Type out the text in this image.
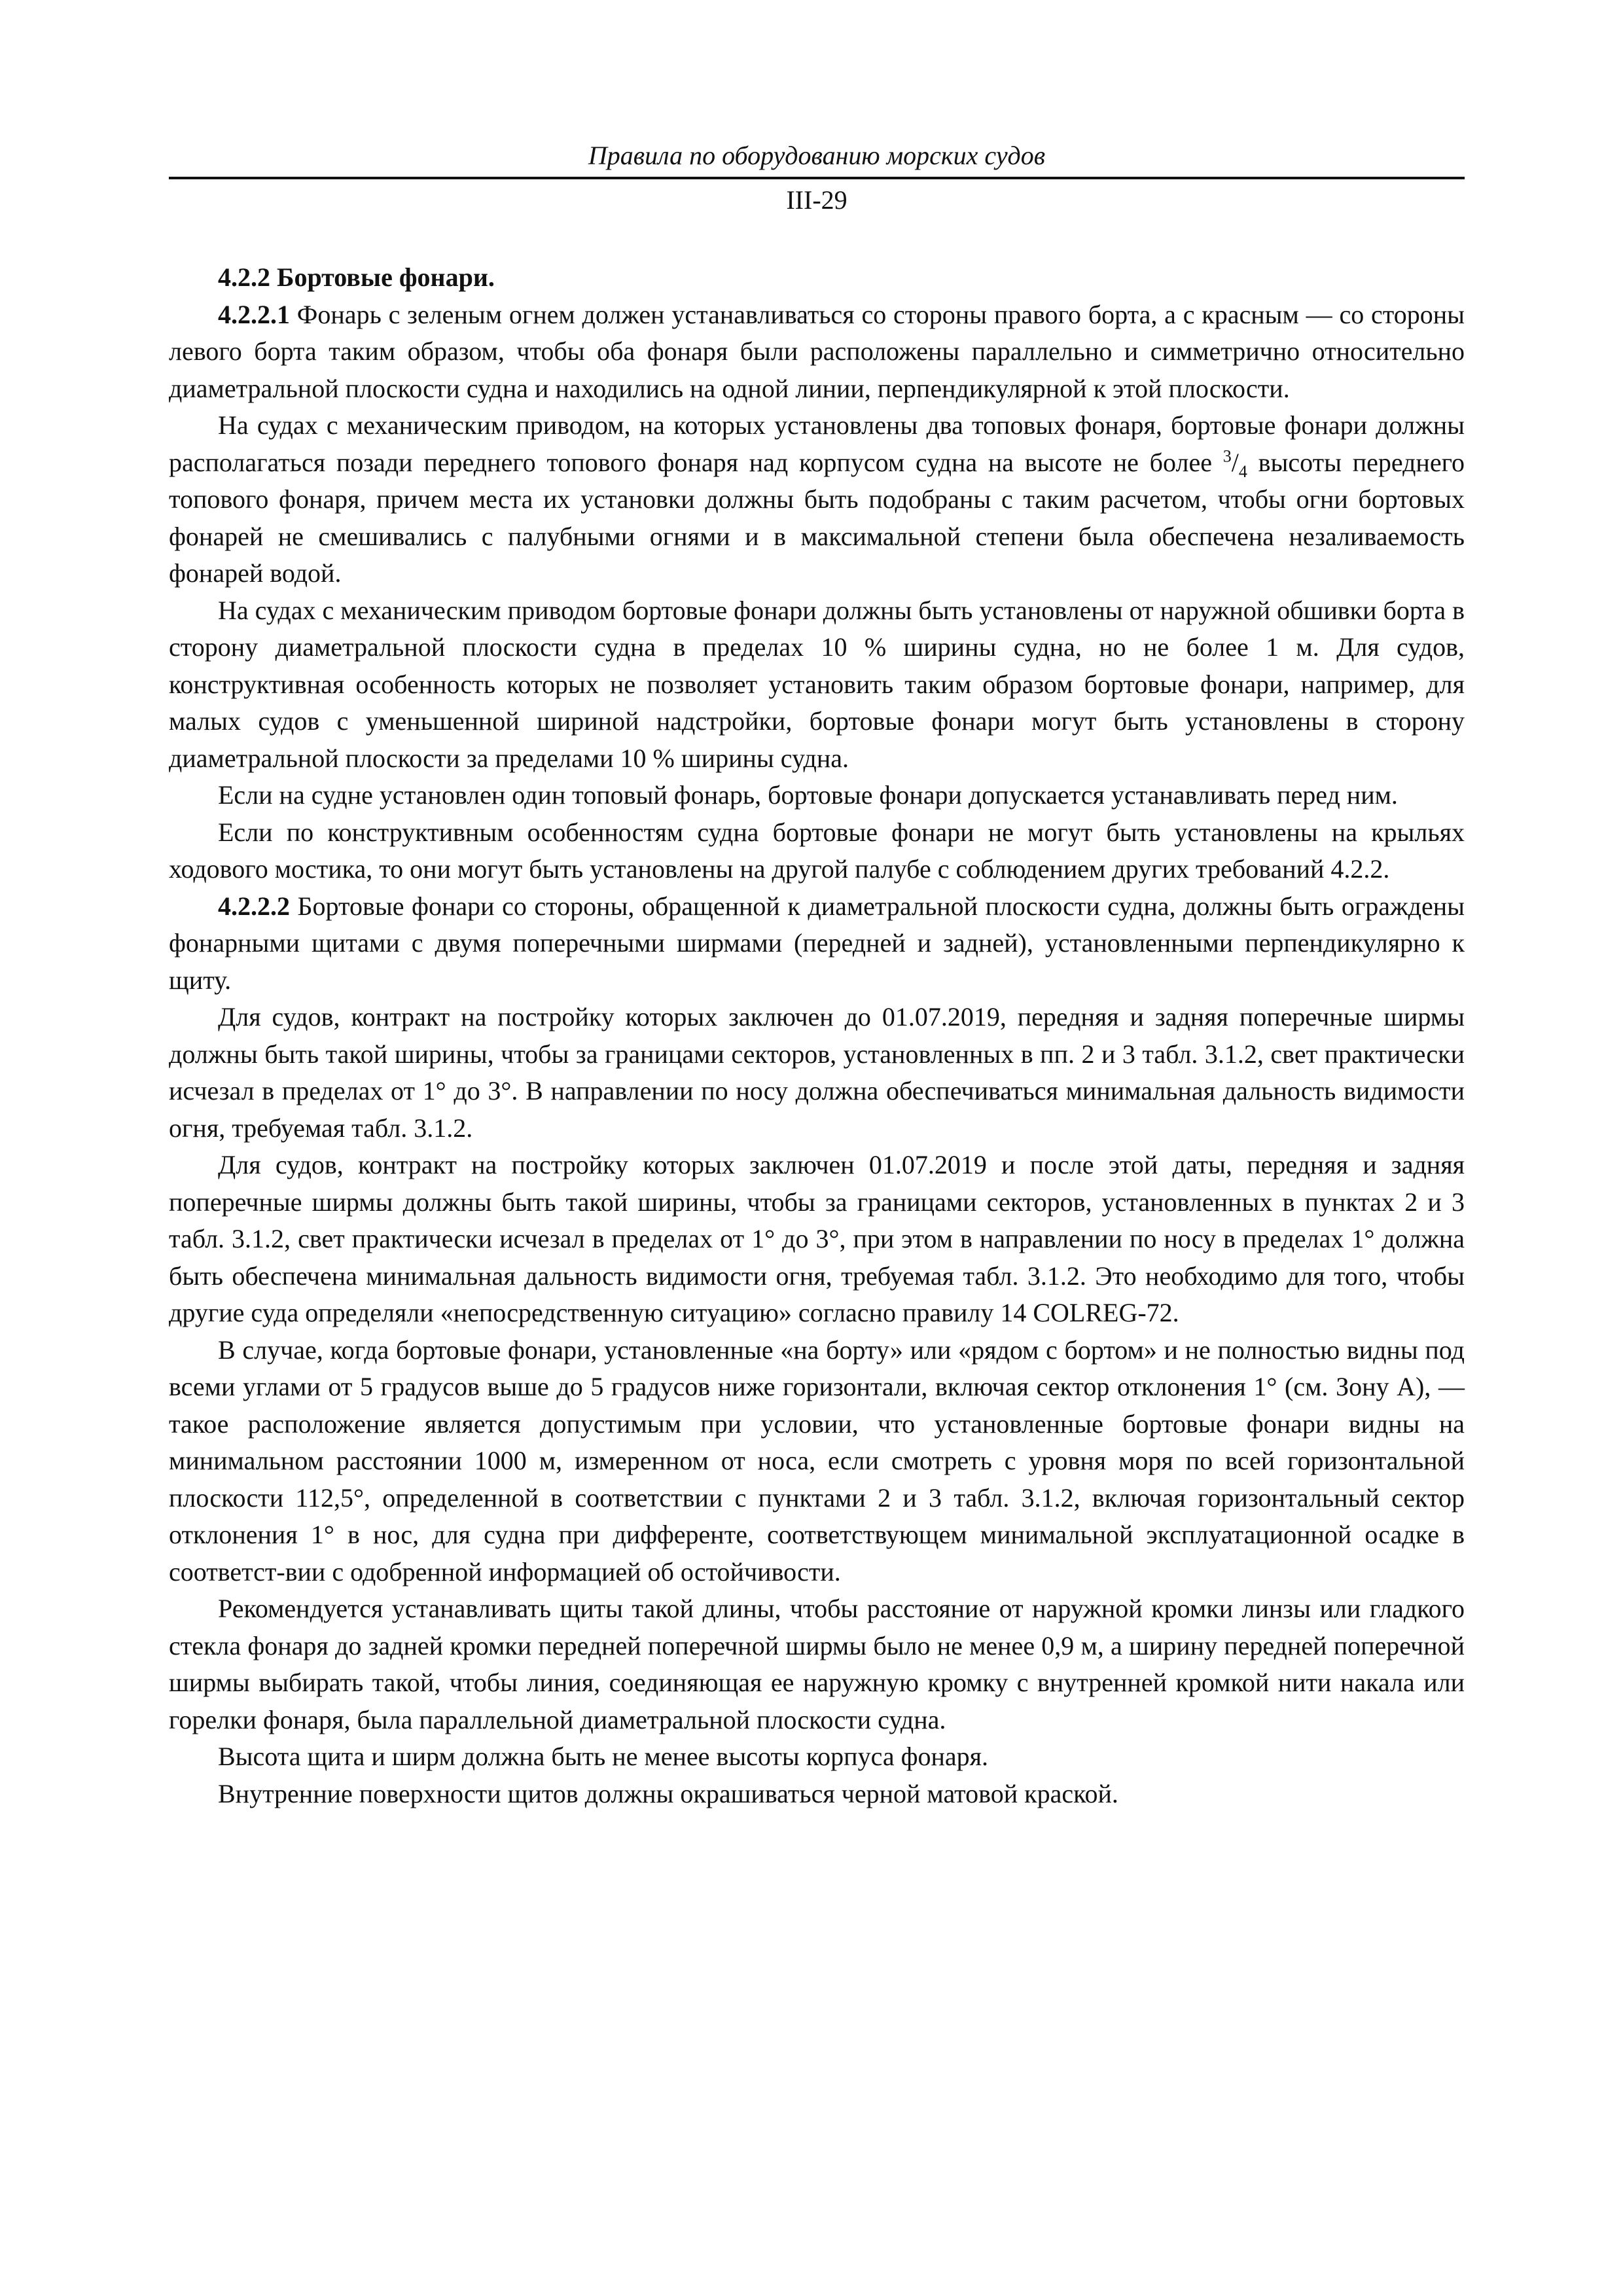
Правила по оборудованию морских судов
III-29
4.2.2 Бортовые фонари.

4.2.2.1 Фонарь с зеленым огнем должен устанавливаться со стороны правого борта, а с красным — со стороны левого борта таким образом, чтобы оба фонаря были расположены параллельно и симметрично относительно диаметральной плоскости судна и находились на одной линии, перпендикулярной к этой плоскости.

На судах с механическим приводом, на которых установлены два топовых фонаря, бортовые фонари должны располагаться позади переднего топового фонаря над корпусом судна на высоте не более $^3/_4$ высоты переднего топового фонаря, причем места их установки должны быть подобраны с таким расчетом, чтобы огни бортовых фонарей не смешивались с палубными огнями и в максимальной степени была обеспечена незаливаемость фонарей водой.

На судах с механическим приводом бортовые фонари должны быть установлены от наружной обшивки борта в сторону диаметральной плоскости судна в пределах 10 % ширины судна, но не более 1 м. Для судов, конструктивная особенность которых не позволяет установить таким образом бортовые фонари, например, для малых судов с уменьшенной шириной надстройки, бортовые фонари могут быть установлены в сторону диаметральной плоскости за пределами 10 % ширины судна.

Если на судне установлен один топовый фонарь, бортовые фонари допускается устанавливать перед ним.

Если по конструктивным особенностям судна бортовые фонари не могут быть установлены на крыльях ходового мостика, то они могут быть установлены на другой палубе с соблюдением других требований 4.2.2.

4.2.2.2 Бортовые фонари со стороны, обращенной к диаметральной плоскости судна, должны быть ограждены фонарными щитами с двумя поперечными ширмами (передней и задней), установленными перпендикулярно к щиту.

Для судов, контракт на постройку которых заключен до 01.07.2019, передняя и задняя поперечные ширмы должны быть такой ширины, чтобы за границами секторов, установленных в пп. 2 и 3 табл. 3.1.2, свет практически исчезал в пределах от 1° до 3°. В направлении по носу должна обеспечиваться минимальная дальность видимости огня, требуемая табл. 3.1.2.

Для судов, контракт на постройку которых заключен 01.07.2019 и после этой даты, передняя и задняя поперечные ширмы должны быть такой ширины, чтобы за границами секторов, установленных в пунктах 2 и 3 табл. 3.1.2, свет практически исчезал в пределах от 1° до 3°, при этом в направлении по носу в пределах 1° должна быть обеспечена минимальная дальность видимости огня, требуемая табл. 3.1.2. Это необходимо для того, чтобы другие суда определяли «непосредственную ситуацию» согласно правилу 14 COLREG-72.

В случае, когда бортовые фонари, установленные «на борту» или «рядом с бортом» и не полностью видны под всеми углами от 5 градусов выше до 5 градусов ниже горизонтали, включая сектор отклонения 1° (см. Зону А), — такое расположение является допустимым при условии, что установленные бортовые фонари видны на минимальном расстоянии 1000 м, измеренном от носа, если смотреть с уровня моря по всей горизонтальной плоскости 112,5°, определенной в соответствии с пунктами 2 и 3 табл. 3.1.2, включая горизонтальный сектор отклонения 1° в нос, для судна при дифференте, соответствующем минимальной эксплуатационной осадке в соответст-вии с одобренной информацией об остойчивости.

Рекомендуется устанавливать щиты такой длины, чтобы расстояние от наружной кромки линзы или гладкого стекла фонаря до задней кромки передней поперечной ширмы было не менее 0,9 м, а ширину передней поперечной ширмы выбирать такой, чтобы линия, соединяющая ее наружную кромку с внутренней кромкой нити накала или горелки фонаря, была параллельной диаметральной плоскости судна.

Высота щита и ширм должна быть не менее высоты корпуса фонаря.

Внутренние поверхности щитов должны окрашиваться черной матовой краской.
